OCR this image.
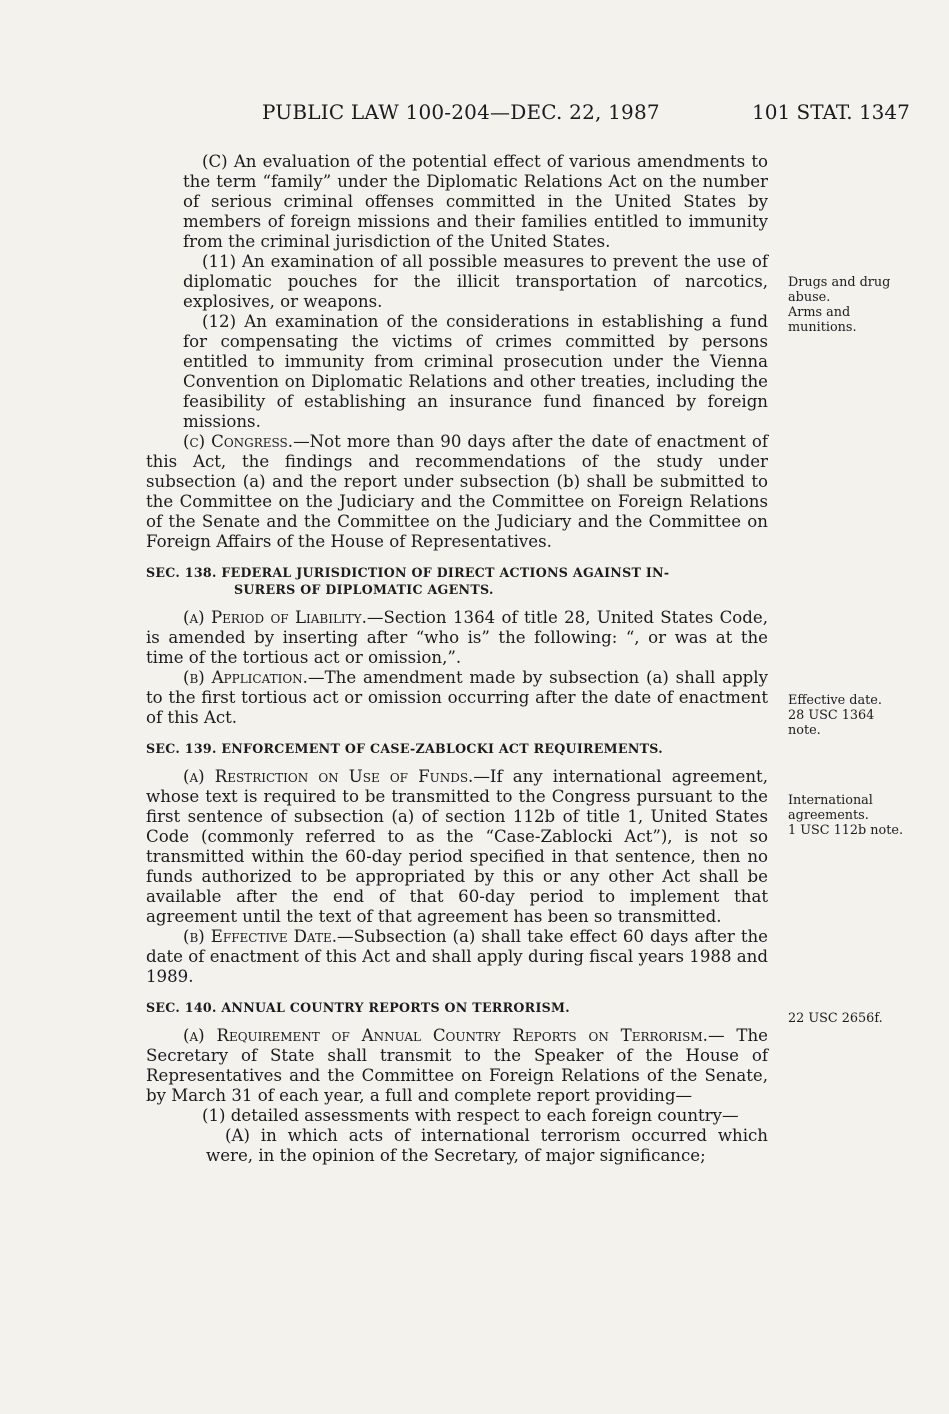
PUBLIC LAW 100-204—DEC. 22, 1987	101 STAT. 1347

(C) An evaluation of the potential effect of various amendments to the term “family” under the Diplomatic Relations Act on the number of serious criminal offenses committed in the United States by members of foreign missions and their families entitled to immunity from the criminal jurisdiction of the United States.

(11) An examination of all possible measures to prevent the use of diplomatic pouches for the illicit transportation of narcotics, explosives, or weapons.

(12) An examination of the considerations in establishing a fund for compensating the victims of crimes committed by persons entitled to immunity from criminal prosecution under the Vienna Convention on Diplomatic Relations and other treaties, including the feasibility of establishing an insurance fund financed by foreign missions.

(c) Congress.—Not more than 90 days after the date of enactment of this Act, the findings and recommendations of the study under subsection (a) and the report under subsection (b) shall be submitted to the Committee on the Judiciary and the Committee on Foreign Relations of the Senate and the Committee on the Judiciary and the Committee on Foreign Affairs of the House of Representatives.

SEC. 138. FEDERAL JURISDICTION OF DIRECT ACTIONS AGAINST IN-
SURERS OF DIPLOMATIC AGENTS.

(a) Period of Liability.—Section 1364 of title 28, United States Code, is amended by inserting after “who is” the following: “, or was at the time of the tortious act or omission,”.

(b) Application.—The amendment made by subsection (a) shall apply to the first tortious act or omission occurring after the date of enactment of this Act.

SEC. 139. ENFORCEMENT OF CASE-ZABLOCKI ACT REQUIREMENTS.

(a) Restriction on Use of Funds.—If any international agreement, whose text is required to be transmitted to the Congress pursuant to the first sentence of subsection (a) of section 112b of title 1, United States Code (commonly referred to as the “Case-Zablocki Act”), is not so transmitted within the 60-day period specified in that sentence, then no funds authorized to be appropriated by this or any other Act shall be available after the end of that 60-day period to implement that agreement until the text of that agreement has been so transmitted.

(b) Effective Date.—Subsection (a) shall take effect 60 days after the date of enactment of this Act and shall apply during fiscal years 1988 and 1989.

SEC. 140. ANNUAL COUNTRY REPORTS ON TERRORISM.

(a) Requirement of Annual Country Reports on Terrorism.— The Secretary of State shall transmit to the Speaker of the House of Representatives and the Committee on Foreign Relations of the Senate, by March 31 of each year, a full and complete report providing—

(1) detailed assessments with respect to each foreign country—

(A) in which acts of international terrorism occurred which were, in the opinion of the Secretary, of major significance;

Drugs and drug
abuse.
Arms and
munitions.
Effective date.
28 USC 1364
note.
International
agreements.
1 USC 112b note.
22 USC 2656f.
